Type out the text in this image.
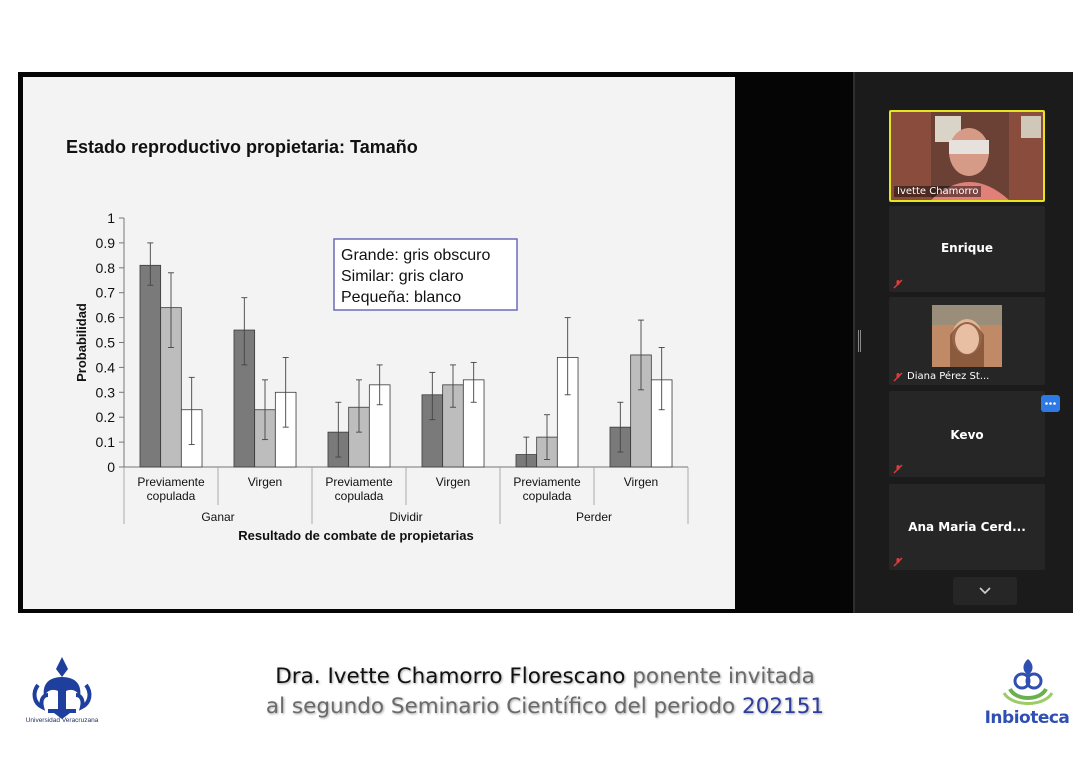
Estado reproductivo propietaria: Tamaño
0
0.1
0.2
0.3
0.4
0.5
0.6
0.7
0.8
0.9
1
Probabilidad
Previamente copulada
Virgen	Previamente copulada
Virgen	Previamente copulada
Virgen
Ganar	Dividir	Perder
Resultado de combate de propietarias
Grande: gris obscuro
Similar: gris claro
Pequeña: blanco
Ivette Chamorro
Enrique
Diana Pérez St...
Kevo
Ana Maria Cerd...
Universidad Veracruzana	Inbioteca
Dra. Ivette Chamorro Florescano ponente invitada
al segundo Seminario Científico del periodo 202151
